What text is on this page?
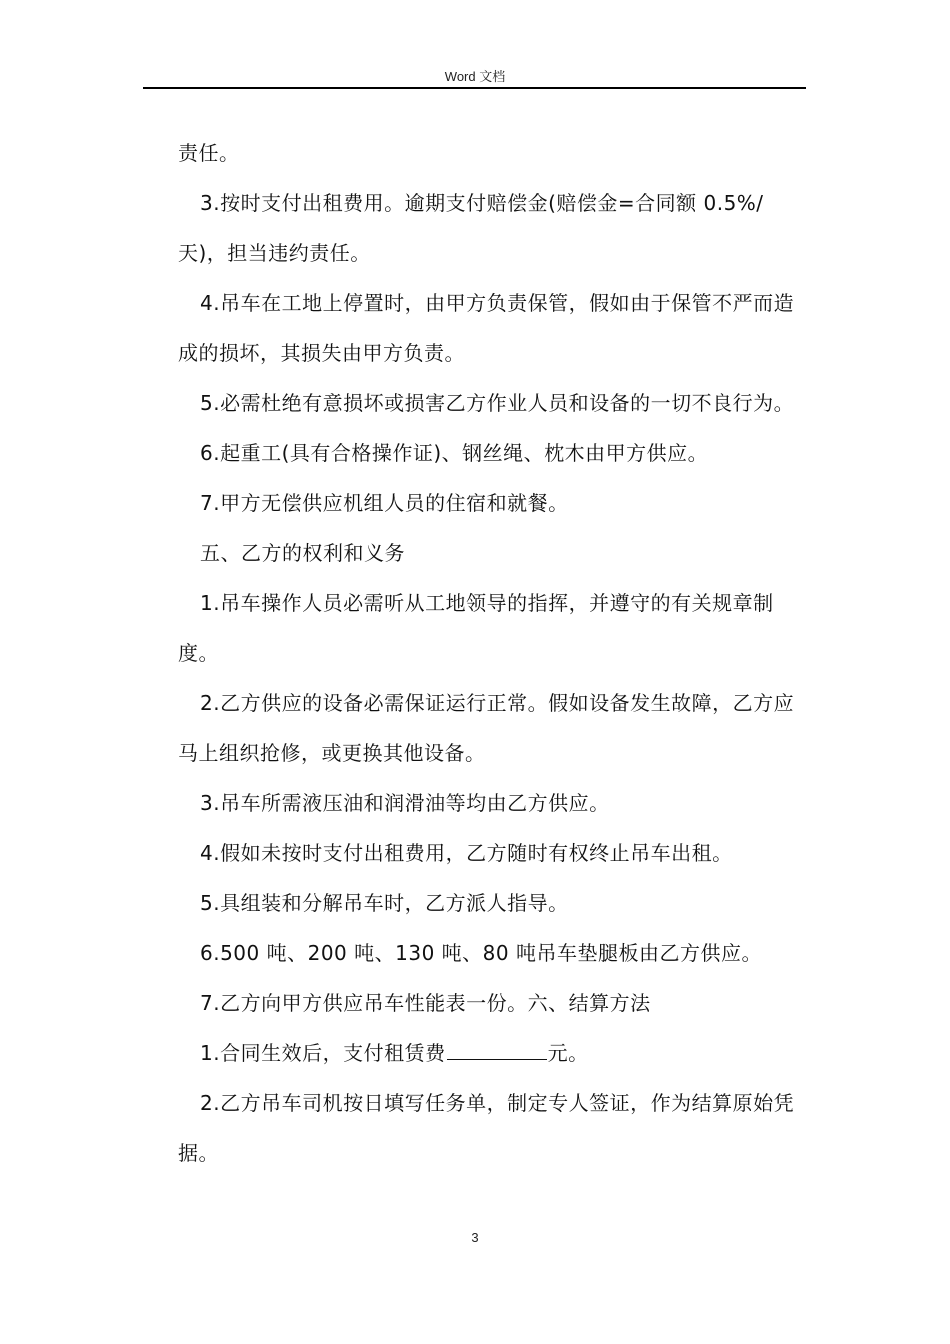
Word 文档

责任。

3.按时支付出租费用。逾期支付赔偿金(赔偿金=合同额 0.5%/天)，担当违约责任。

4.吊车在工地上停置时，由甲方负责保管，假如由于保管不严而造成的损坏，其损失由甲方负责。

5.必需杜绝有意损坏或损害乙方作业人员和设备的一切不良行为。

6.起重工(具有合格操作证)、钢丝绳、枕木由甲方供应。

7.甲方无偿供应机组人员的住宿和就餐。

五、乙方的权利和义务

1.吊车操作人员必需听从工地领导的指挥，并遵守的有关规章制度。

2.乙方供应的设备必需保证运行正常。假如设备发生故障，乙方应马上组织抢修，或更换其他设备。

3.吊车所需液压油和润滑油等均由乙方供应。

4.假如未按时支付出租费用，乙方随时有权终止吊车出租。

5.具组装和分解吊车时，乙方派人指导。

6.500 吨、200 吨、130 吨、80 吨吊车垫腿板由乙方供应。

7.乙方向甲方供应吊车性能表一份。六、结算方法

1.合同生效后，支付租赁费	元。

2.乙方吊车司机按日填写任务单，制定专人签证，作为结算原始凭据。

3
